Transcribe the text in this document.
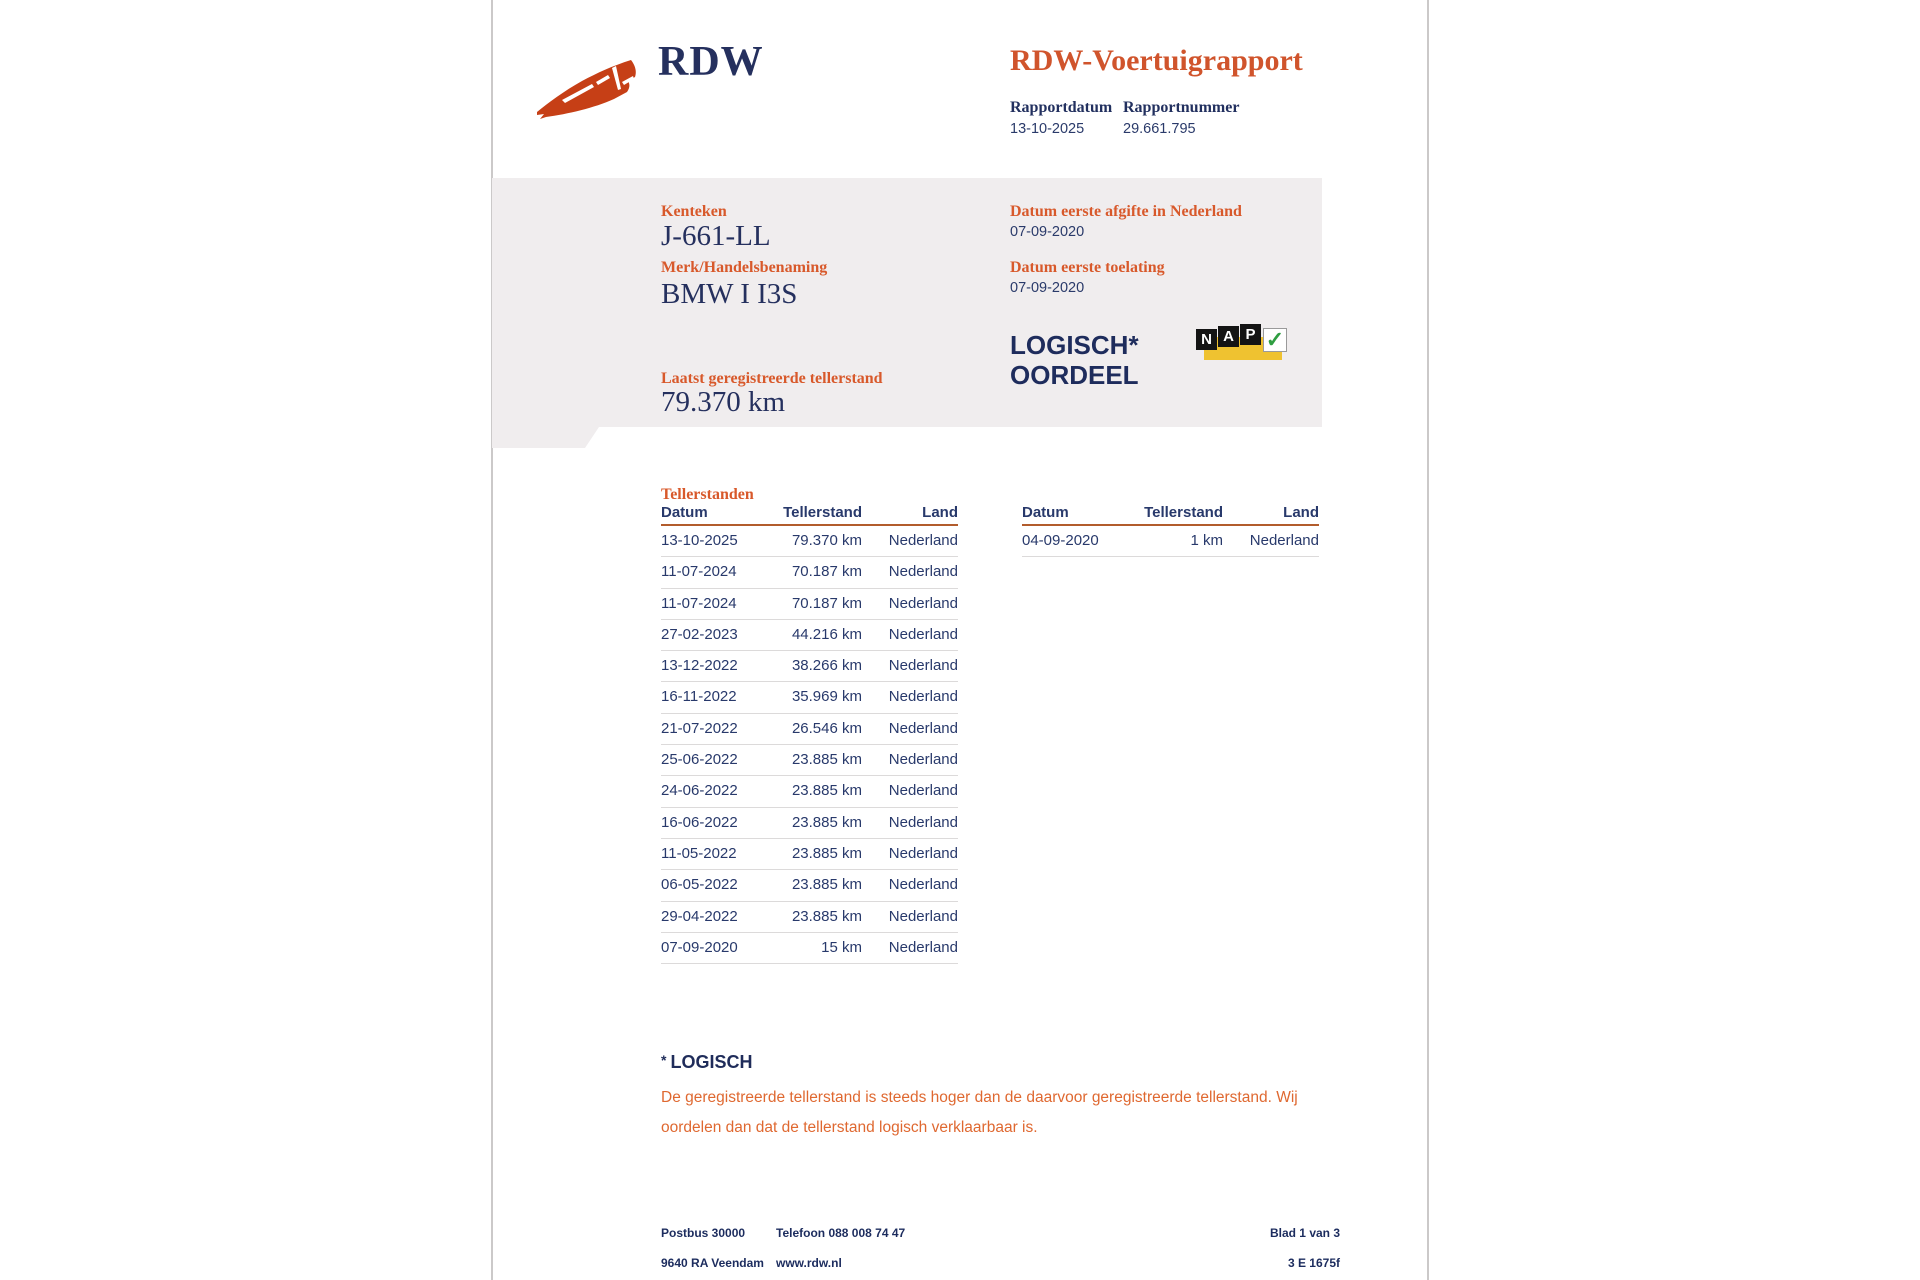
RDW	RDW-Voertuigrapport
Rapportdatum Rapportnummer
13-10-2025	29.661.795
Kenteken
J-661-LL
Merk/Handelsbenaming
BMW I I3S
Laatst geregistreerde tellerstand
79.370 km
Datum eerste afgifte in Nederland
07-09-2020
Datum eerste toelating
07-09-2020
LOGISCH*
OORDEEL
N A P ✓
Tellerstanden
Datum	Tellerstand	Land
13-10-2025	79.370 km Nederland
11-07-2024	70.187 km Nederland
11-07-2024	70.187 km Nederland
27-02-2023	44.216 km Nederland
13-12-2022	38.266 km Nederland
16-11-2022	35.969 km Nederland
21-07-2022	26.546 km Nederland
25-06-2022	23.885 km Nederland
24-06-2022	23.885 km Nederland
16-06-2022	23.885 km Nederland
11-05-2022	23.885 km Nederland
06-05-2022	23.885 km Nederland
29-04-2022	23.885 km Nederland
07-09-2020	15 km Nederland
Datum	Tellerstand	Land
04-09-2020	1 km Nederland
* LOGISCH
De geregistreerde tellerstand is steeds hoger dan de daarvoor geregistreerde tellerstand. Wij oordelen dan dat de tellerstand logisch verklaarbaar is.
Postbus 30000
9640 RA Veendam
Telefoon 088 008 74 47
www.rdw.nl
Blad 1 van 3
3 E 1675f
